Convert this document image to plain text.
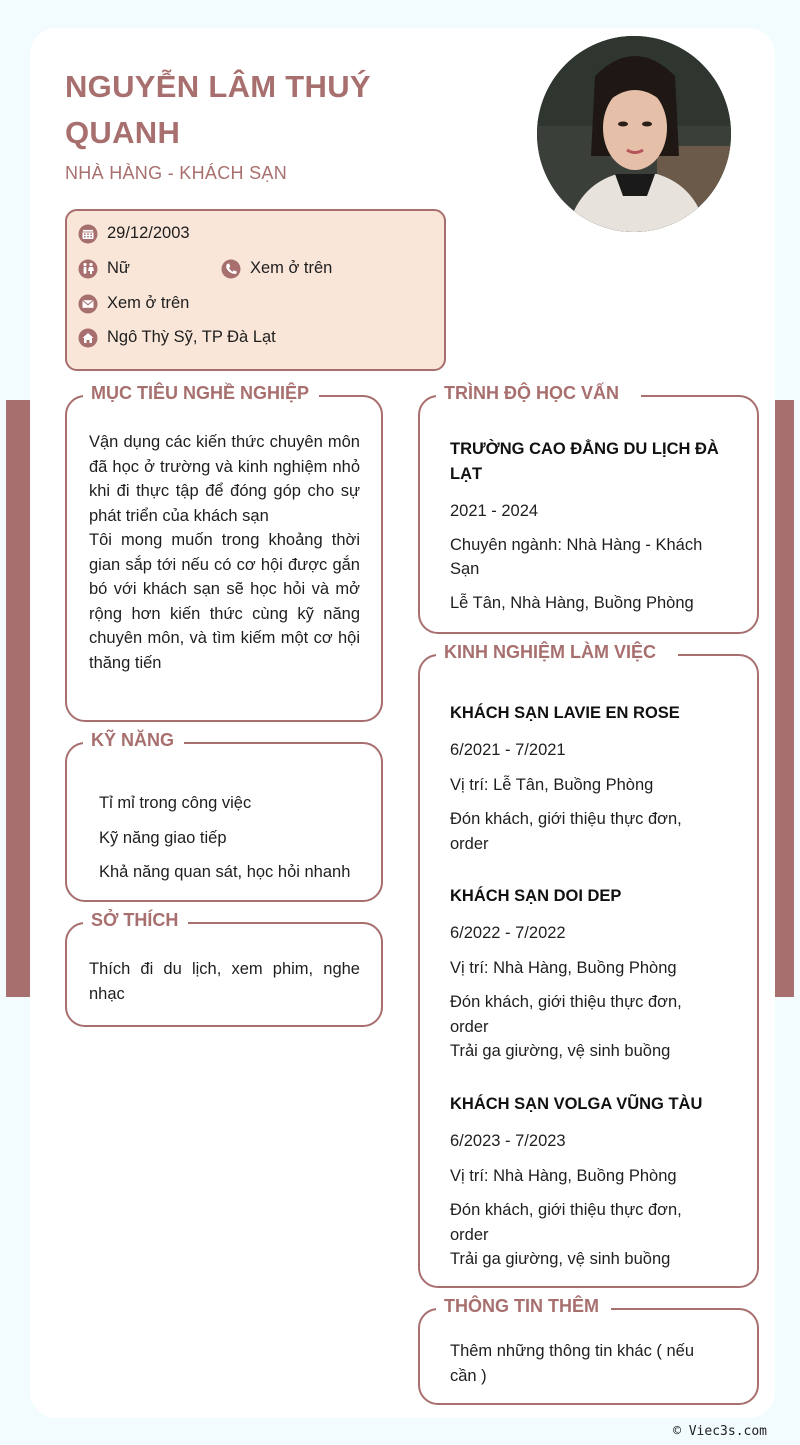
NGUYỄN LÂM THUÝ QUANH
NHÀ HÀNG - KHÁCH SẠN
29/12/2003
Nữ	Xem ở trên
Xem ở trên
Ngô Thỳ Sỹ, TP Đà Lạt
MỤC TIÊU NGHỀ NGHIỆP
Vận dụng các kiến thức chuyên môn đã học ở trường và kinh nghiệm nhỏ khi đi thực tập để đóng góp cho sự phát triển của khách sạn
Tôi mong muốn trong khoảng thời gian sắp tới nếu có cơ hội được gắn bó với khách sạn sẽ học hỏi và mở rộng hơn kiến thức cùng kỹ năng chuyên môn, và tìm kiếm một cơ hội thăng tiến
KỸ NĂNG
Tỉ mỉ trong công việc
Kỹ năng giao tiếp
Khả năng quan sát, học hỏi nhanh
SỞ THÍCH
Thích đi du lịch, xem phim, nghe nhạc
TRÌNH ĐỘ HỌC VẤN
TRƯỜNG CAO ĐẲNG DU LỊCH ĐÀ LẠT
2021 - 2024
Chuyên ngành: Nhà Hàng - Khách Sạn
Lễ Tân, Nhà Hàng, Buồng Phòng
KINH NGHIỆM LÀM VIỆC
KHÁCH SẠN LAVIE EN ROSE
6/2021 - 7/2021
Vị trí: Lễ Tân, Buồng Phòng
Đón khách, giới thiệu thực đơn, order
KHÁCH SẠN DOI DEP
6/2022 - 7/2022
Vị trí: Nhà Hàng, Buồng Phòng
Đón khách, giới thiệu thực đơn, order
Trải ga giường, vệ sinh buồng
KHÁCH SẠN VOLGA VŨNG TÀU
6/2023 - 7/2023
Vị trí: Nhà Hàng, Buồng Phòng
Đón khách, giới thiệu thực đơn, order
Trải ga giường, vệ sinh buồng
THÔNG TIN THÊM
Thêm những thông tin khác ( nếu cần )
© Viec3s.com
